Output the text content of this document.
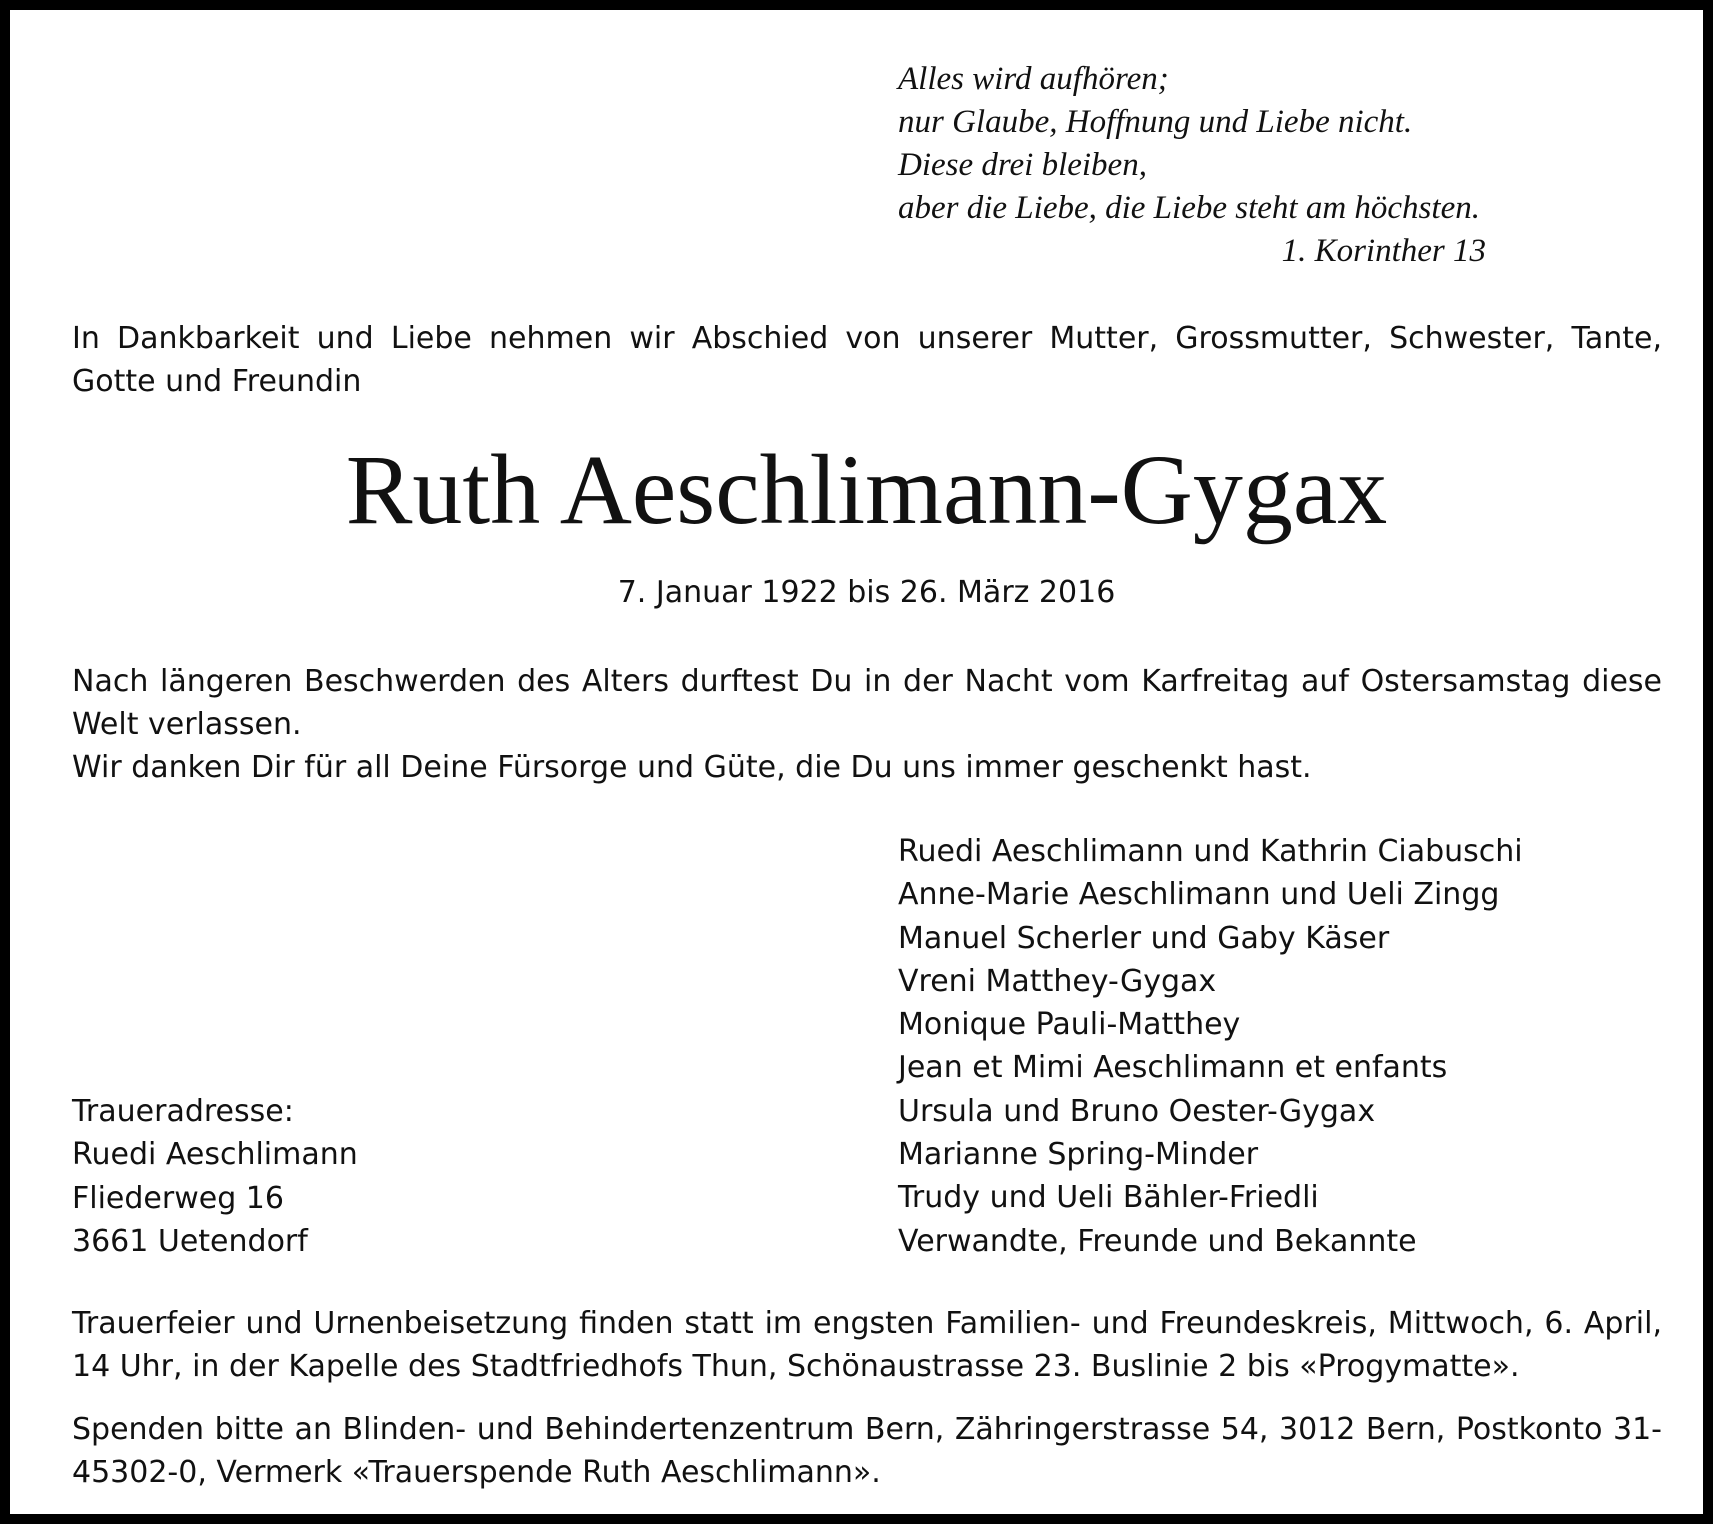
Alles wird aufhören;
nur Glaube, Hoffnung und Liebe nicht.
Diese drei bleiben,
aber die Liebe, die Liebe steht am höchsten.
1. Korinther 13
In Dankbarkeit und Liebe nehmen wir Abschied von unserer Mutter, Grossmutter, Schwester, Tante, Gotte und Freundin
Ruth Aeschlimann-Gygax
7. Januar 1922 bis 26. März 2016

Nach längeren Beschwerden des Alters durftest Du in der Nacht vom Karfreitag auf Ostersamstag diese Welt verlassen.

Wir danken Dir für all Deine Fürsorge und Güte, die Du uns immer geschenkt hast.

Ruedi Aeschlimann und Kathrin Ciabuschi
Anne-Marie Aeschlimann und Ueli Zingg
Manuel Scherler und Gaby Käser
Vreni Matthey-Gygax
Monique Pauli-Matthey
Jean et Mimi Aeschlimann et enfants
Ursula und Bruno Oester-Gygax
Marianne Spring-Minder
Trudy und Ueli Bähler-Friedli
Verwandte, Freunde und Bekannte
Traueradresse:
Ruedi Aeschlimann
Fliederweg 16
3661 Uetendorf
Trauerfeier und Urnenbeisetzung finden statt im engsten Familien- und Freundeskreis, Mittwoch, 6. April, 14 Uhr, in der Kapelle des Stadtfriedhofs Thun, Schönaustrasse 23. Buslinie 2 bis «Progymatte».
Spenden bitte an Blinden- und Behindertenzentrum Bern, Zähringerstrasse 54, 3012 Bern, Postkonto 31-45302-0, Vermerk «Trauerspende Ruth Aeschlimann».
